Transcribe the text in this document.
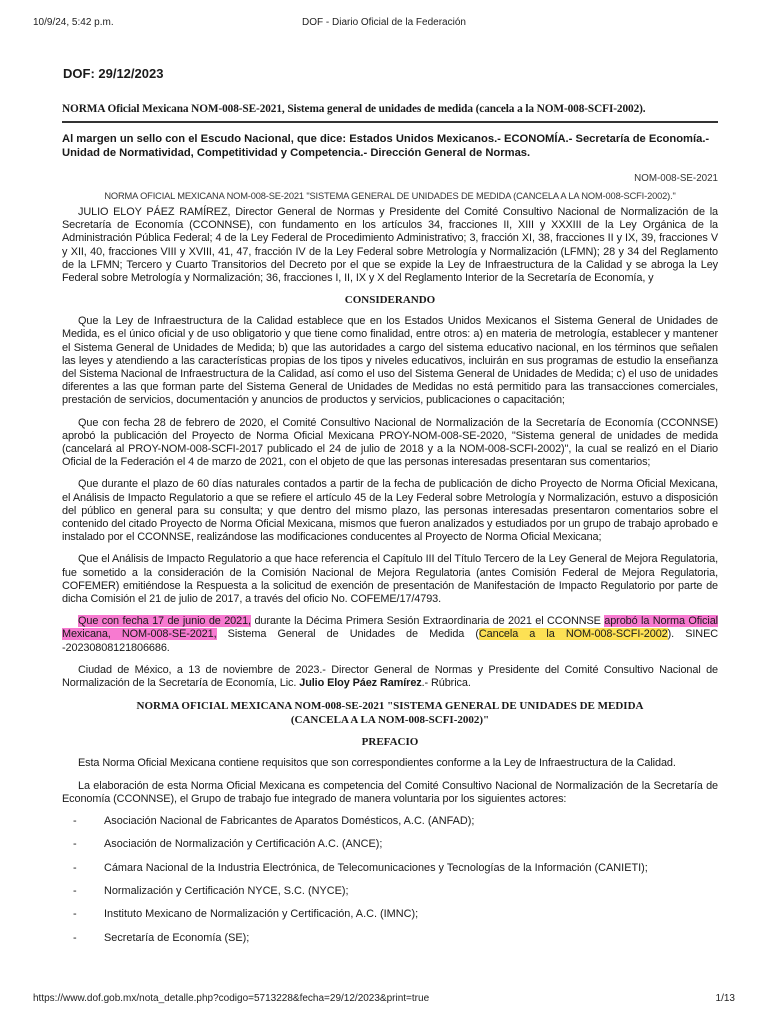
10/9/24, 5:42 p.m.	DOF - Diario Oficial de la Federación
DOF: 29/12/2023
NORMA Oficial Mexicana NOM-008-SE-2021, Sistema general de unidades de medida (cancela a la NOM-008-SCFI-2002).
Al margen un sello con el Escudo Nacional, que dice: Estados Unidos Mexicanos.- ECONOMÍA.- Secretaría de Economía.- Unidad de Normatividad, Competitividad y Competencia.- Dirección General de Normas.
NOM-008-SE-2021
NORMA OFICIAL MEXICANA NOM-008-SE-2021 "SISTEMA GENERAL DE UNIDADES DE MEDIDA (CANCELA A LA NOM-008-SCFI-2002)."

JULIO ELOY PÁEZ RAMÍREZ, Director General de Normas y Presidente del Comité Consultivo Nacional de Normalización de la Secretaría de Economía (CCONNSE), con fundamento en los artículos 34, fracciones II, XIII y XXXIII de la Ley Orgánica de la Administración Pública Federal; 4 de la Ley Federal de Procedimiento Administrativo; 3, fracción XI, 38, fracciones II y IX, 39, fracciones V y XII, 40, fracciones VIII y XVIII, 41, 47, fracción IV de la Ley Federal sobre Metrología y Normalización (LFMN); 28 y 34 del Reglamento de la LFMN; Tercero y Cuarto Transitorios del Decreto por el que se expide la Ley de Infraestructura de la Calidad y se abroga la Ley Federal sobre Metrología y Normalización; 36, fracciones I, II, IX y X del Reglamento Interior de la Secretaría de Economía, y

CONSIDERANDO

Que la Ley de Infraestructura de la Calidad establece que en los Estados Unidos Mexicanos el Sistema General de Unidades de Medida, es el único oficial y de uso obligatorio y que tiene como finalidad, entre otros: a) en materia de metrología, establecer y mantener el Sistema General de Unidades de Medida; b) que las autoridades a cargo del sistema educativo nacional, en los términos que señalen las leyes y atendiendo a las características propias de los tipos y niveles educativos, incluirán en sus programas de estudio la enseñanza del Sistema Nacional de Infraestructura de la Calidad, así como el uso del Sistema General de Unidades de Medida; c) el uso de unidades diferentes a las que forman parte del Sistema General de Unidades de Medidas no está permitido para las transacciones comerciales, prestación de servicios, documentación y anuncios de productos y servicios, publicaciones o capacitación;

Que con fecha 28 de febrero de 2020, el Comité Consultivo Nacional de Normalización de la Secretaría de Economía (CCONNSE) aprobó la publicación del Proyecto de Norma Oficial Mexicana PROY-NOM-008-SE-2020, "Sistema general de unidades de medida (cancelará al PROY-NOM-008-SCFI-2017 publicado el 24 de julio de 2018 y a la NOM-008-SCFI-2002)", la cual se realizó en el Diario Oficial de la Federación el 4 de marzo de 2021, con el objeto de que las personas interesadas presentaran sus comentarios;

Que durante el plazo de 60 días naturales contados a partir de la fecha de publicación de dicho Proyecto de Norma Oficial Mexicana, el Análisis de Impacto Regulatorio a que se refiere el artículo 45 de la Ley Federal sobre Metrología y Normalización, estuvo a disposición del público en general para su consulta; y que dentro del mismo plazo, las personas interesadas presentaron comentarios sobre el contenido del citado Proyecto de Norma Oficial Mexicana, mismos que fueron analizados y estudiados por un grupo de trabajo aprobado e instalado por el CCONNSE, realizándose las modificaciones conducentes al Proyecto de Norma Oficial Mexicana;

Que el Análisis de Impacto Regulatorio a que hace referencia el Capítulo III del Título Tercero de la Ley General de Mejora Regulatoria, fue sometido a la consideración de la Comisión Nacional de Mejora Regulatoria (antes Comisión Federal de Mejora Regulatoria, COFEMER) emitiéndose la Respuesta a la solicitud de exención de presentación de Manifestación de Impacto Regulatorio por parte de dicha Comisión el 21 de julio de 2017, a través del oficio No. COFEME/17/4793.

Que con fecha 17 de junio de 2021, durante la Décima Primera Sesión Extraordinaria de 2021 el CCONNSE aprobó la Norma Oficial Mexicana, NOM-008-SE-2021, Sistema General de Unidades de Medida (Cancela a la NOM-008-SCFI-2002). SINEC -20230808121806686.

Ciudad de México, a 13 de noviembre de 2023.- Director General de Normas y Presidente del Comité Consultivo Nacional de Normalización de la Secretaría de Economía, Lic. Julio Eloy Páez Ramírez.- Rúbrica.

NORMA OFICIAL MEXICANA NOM-008-SE-2021 "SISTEMA GENERAL DE UNIDADES DE MEDIDA
(CANCELA A LA NOM-008-SCFI-2002)"
PREFACIO

Esta Norma Oficial Mexicana contiene requisitos que son correspondientes conforme a la Ley de Infraestructura de la Calidad.

La elaboración de esta Norma Oficial Mexicana es competencia del Comité Consultivo Nacional de Normalización de la Secretaría de Economía (CCONNSE), el Grupo de trabajo fue integrado de manera voluntaria por los siguientes actores:

-	Asociación Nacional de Fabricantes de Aparatos Domésticos, A.C. (ANFAD);
-	Asociación de Normalización y Certificación A.C. (ANCE);
-	Cámara Nacional de la Industria Electrónica, de Telecomunicaciones y Tecnologías de la Información (CANIETI);
-	Normalización y Certificación NYCE, S.C. (NYCE);
-	Instituto Mexicano de Normalización y Certificación, A.C. (IMNC);
-	Secretaría de Economía (SE);
https://www.dof.gob.mx/nota_detalle.php?codigo=5713228&fecha=29/12/2023&print=true	1/13
